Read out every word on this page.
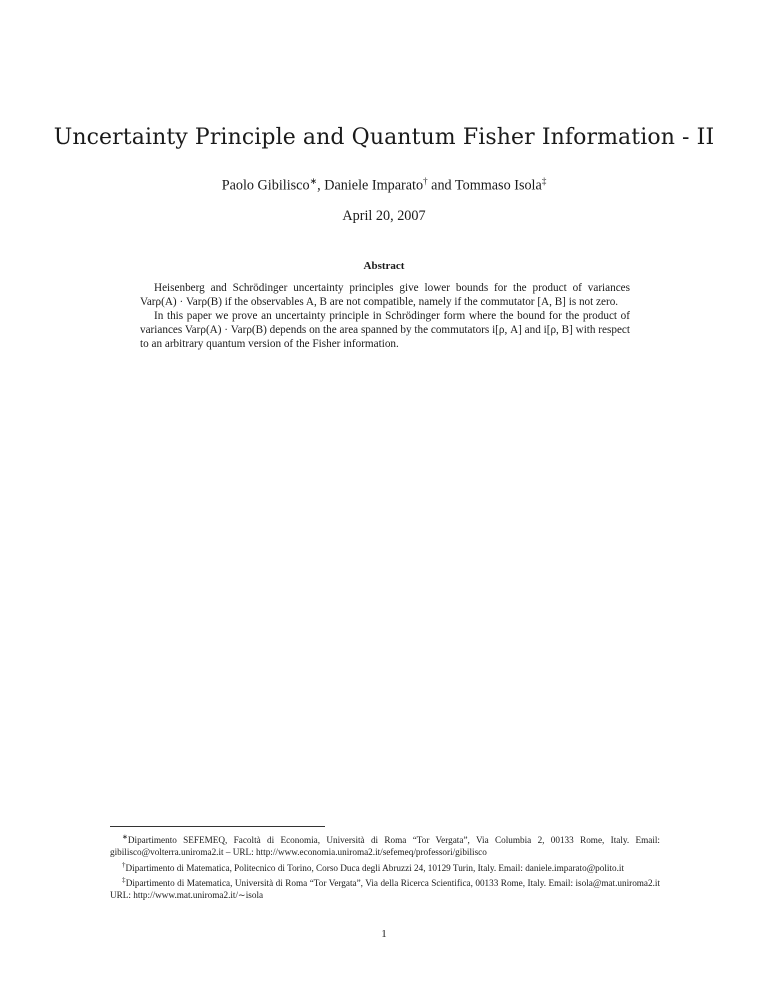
Uncertainty Principle and Quantum Fisher Information - II
Paolo Gibilisco∗, Daniele Imparato† and Tommaso Isola‡
April 20, 2007
Abstract

Heisenberg and Schrödinger uncertainty principles give lower bounds for the product of variances Varρ(A) · Varρ(B) if the observables A, B are not compatible, namely if the commutator [A, B] is not zero.

In this paper we prove an uncertainty principle in Schrödinger form where the bound for the product of variances Varρ(A) · Varρ(B) depends on the area spanned by the commutators i[ρ, A] and i[ρ, B] with respect to an arbitrary quantum version of the Fisher information.

∗Dipartimento SEFEMEQ, Facoltà di Economia, Università di Roma “Tor Vergata”, Via Columbia 2, 00133 Rome, Italy. Email: gibilisco@volterra.uniroma2.it – URL: http://www.economia.uniroma2.it/sefemeq/professori/gibilisco

†Dipartimento di Matematica, Politecnico di Torino, Corso Duca degli Abruzzi 24, 10129 Turin, Italy. Email: daniele.imparato@polito.it

‡Dipartimento di Matematica, Università di Roma “Tor Vergata”, Via della Ricerca Scientifica, 00133 Rome, Italy. Email: isola@mat.uniroma2.it URL: http://www.mat.uniroma2.it/∼isola

1
